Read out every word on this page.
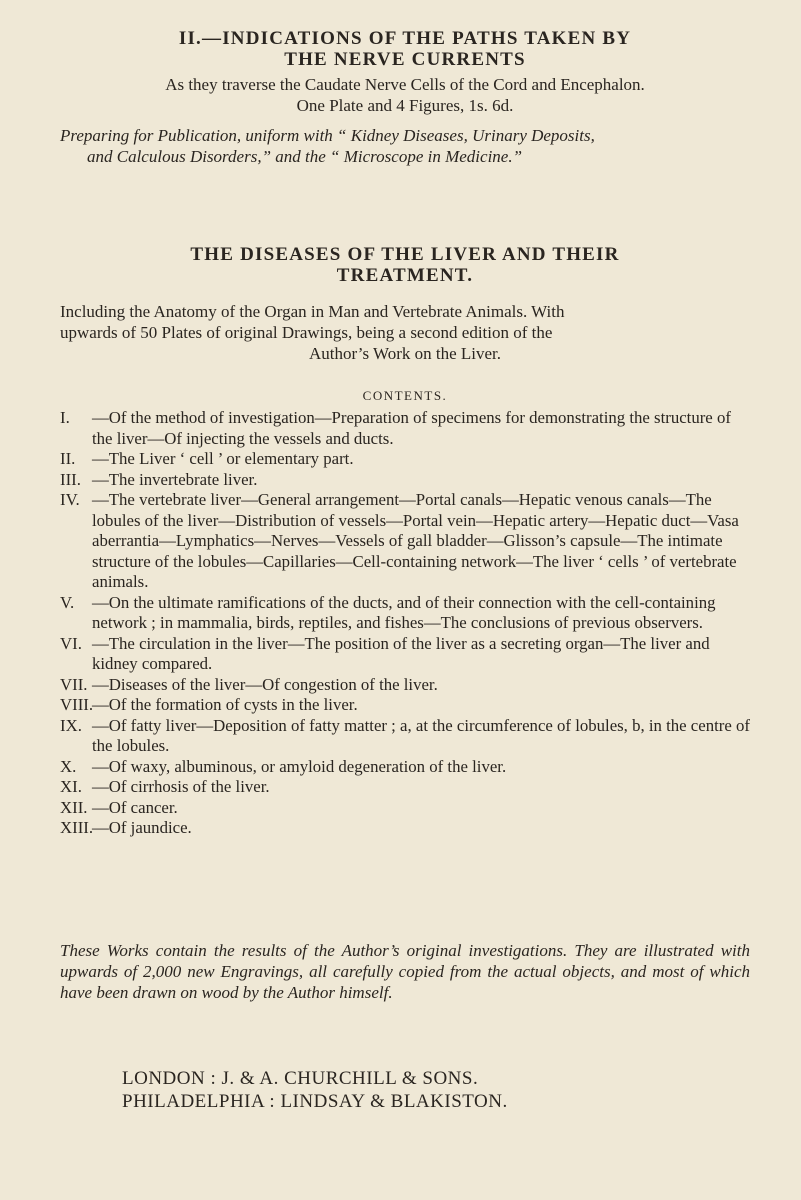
II.—INDICATIONS OF THE PATHS TAKEN BY

THE NERVE CURRENTS

As they traverse the Caudate Nerve Cells of the Cord and Encephalon.

One Plate and 4 Figures, 1s. 6d.

Preparing for Publication, uniform with “ Kidney Diseases, Urinary Deposits,

and Calculous Disorders,” and the “ Microscope in Medicine.”

THE DISEASES OF THE LIVER AND THEIR

TREATMENT.

Including the Anatomy of the Organ in Man and Vertebrate Animals. With

upwards of 50 Plates of original Drawings, being a second edition of the

Author’s Work on the Liver.

CONTENTS.

I. —Of the method of investigation—Preparation of specimens for demonstrating the structure of the liver—Of injecting the vessels and ducts.
II. —The Liver ‘ cell ’ or elementary part.
III. —The invertebrate liver.
IV. —The vertebrate liver—General arrangement—Portal canals—Hepatic venous canals—The lobules of the liver—Distribution of vessels—Portal vein—Hepatic artery—Hepatic duct—Vasa aberrantia—Lymphatics—Nerves—Vessels of gall bladder—Glisson’s capsule—The intimate structure of the lobules—Capillaries—Cell-containing network—The liver ‘ cells ’ of vertebrate animals.
V. —On the ultimate ramifications of the ducts, and of their connection with the cell-containing network ; in mammalia, birds, reptiles, and fishes—The conclusions of previous observers.
VI. —The circulation in the liver—The position of the liver as a secreting organ—The liver and kidney compared.
VII. —Diseases of the liver—Of congestion of the liver.
VIII.
—Of the formation of cysts in the liver.
IX. —Of fatty liver—Deposition of fatty matter ; a, at the circumference of lobules, b, in the centre of the lobules.
X. —Of waxy, albuminous, or amyloid degeneration of the liver.
XI. —Of cirrhosis of the liver.
XII. —Of cancer.
XIII.
—Of jaundice.

These Works contain the results of the Author’s original investigations. They are illustrated with upwards of 2,000 new Engravings, all carefully copied from the actual objects, and most of which have been drawn on wood by the Author himself.

LONDON : J. & A. CHURCHILL & SONS.

PHILADELPHIA : LINDSAY & BLAKISTON.
